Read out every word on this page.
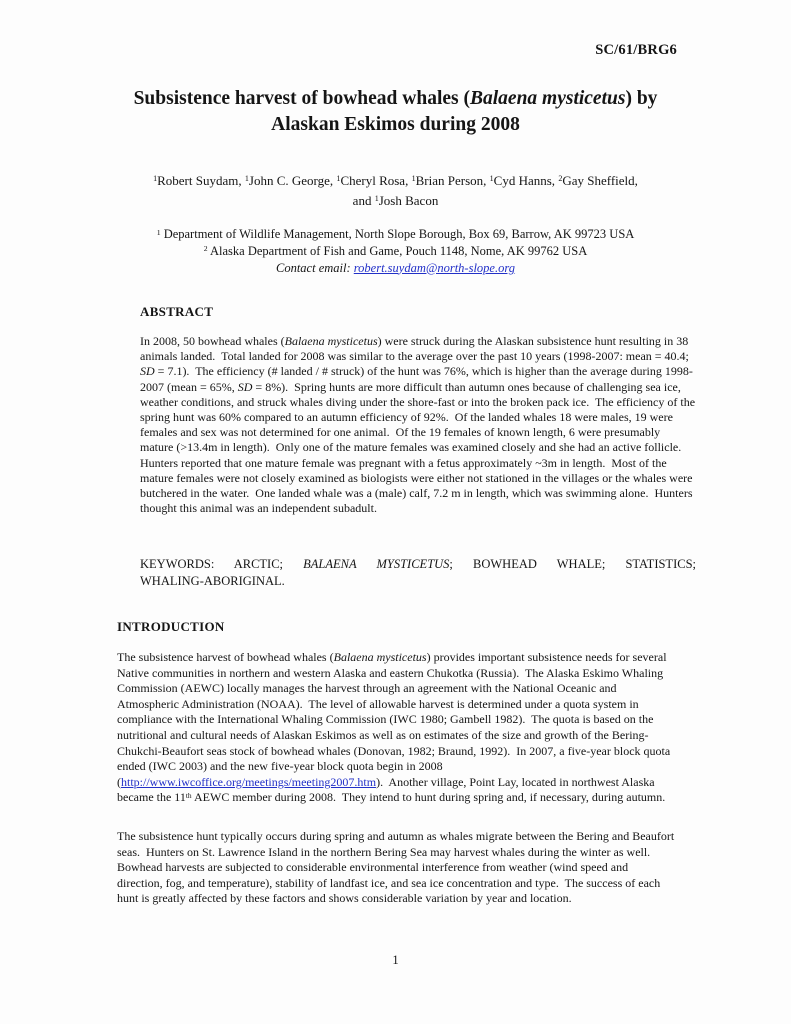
SC/61/BRG6
Subsistence harvest of bowhead whales (Balaena mysticetus) by
Alaskan Eskimos during 2008
$^1$Robert Suydam, $^1$John C. George, $^1$Cheryl Rosa, $^1$Brian Person, $^1$Cyd Hanns, $^2$Gay Sheffield,
and $^1$Josh Bacon
$^1$ Department of Wildlife Management, North Slope Borough, Box 69, Barrow, AK 99723 USA
$^2$ Alaska Department of Fish and Game, Pouch 1148, Nome, AK 99762 USA
Contact email: robert.suydam@north-slope.org
ABSTRACT
In 2008, 50 bowhead whales (Balaena mysticetus) were struck during the Alaskan subsistence hunt resulting in 38 animals landed.  Total landed for 2008 was similar to the average over the past 10 years (1998-2007: mean = 40.4; SD = 7.1).  The efficiency (# landed / # struck) of the hunt was 76%, which is higher than the average during 1998-2007 (mean = 65%, SD = 8%).  Spring hunts are more difficult than autumn ones because of challenging sea ice, weather conditions, and struck whales diving under the shore-fast or into the broken pack ice.  The efficiency of the spring hunt was 60% compared to an autumn efficiency of 92%.  Of the landed whales 18 were males, 19 were females and sex was not determined for one animal.  Of the 19 females of known length, 6 were presumably mature (>13.4m in length).  Only one of the mature females was examined closely and she had an active follicle.  Hunters reported that one mature female was pregnant with a fetus approximately ~3m in length.  Most of the mature females were not closely examined as biologists were either not stationed in the villages or the whales were butchered in the water.  One landed whale was a (male) calf, 7.2 m in length, which was swimming alone.  Hunters thought this animal was an independent subadult.
KEYWORDS: ARCTIC; BALAENA MYSTICETUS; BOWHEAD WHALE; STATISTICS; WHALING-ABORIGINAL.
INTRODUCTION
The subsistence harvest of bowhead whales (Balaena mysticetus) provides important subsistence needs for several Native communities in northern and western Alaska and eastern Chukotka (Russia).  The Alaska Eskimo Whaling Commission (AEWC) locally manages the harvest through an agreement with the National Oceanic and Atmospheric Administration (NOAA).  The level of allowable harvest is determined under a quota system in compliance with the International Whaling Commission (IWC 1980; Gambell 1982).  The quota is based on the nutritional and cultural needs of Alaskan Eskimos as well as on estimates of the size and growth of the Bering-Chukchi-Beaufort seas stock of bowhead whales (Donovan, 1982; Braund, 1992).  In 2007, a five-year block quota ended (IWC 2003) and the new five-year block quota begin in 2008 (http://www.iwcoffice.org/meetings/meeting2007.htm).  Another village, Point Lay, located in northwest Alaska became the 11th AEWC member during 2008.  They intend to hunt during spring and, if necessary, during autumn.
The subsistence hunt typically occurs during spring and autumn as whales migrate between the Bering and Beaufort seas.  Hunters on St. Lawrence Island in the northern Bering Sea may harvest whales during the winter as well.  Bowhead harvests are subjected to considerable environmental interference from weather (wind speed and direction, fog, and temperature), stability of landfast ice, and sea ice concentration and type.  The success of each hunt is greatly affected by these factors and shows considerable variation by year and location.
1
